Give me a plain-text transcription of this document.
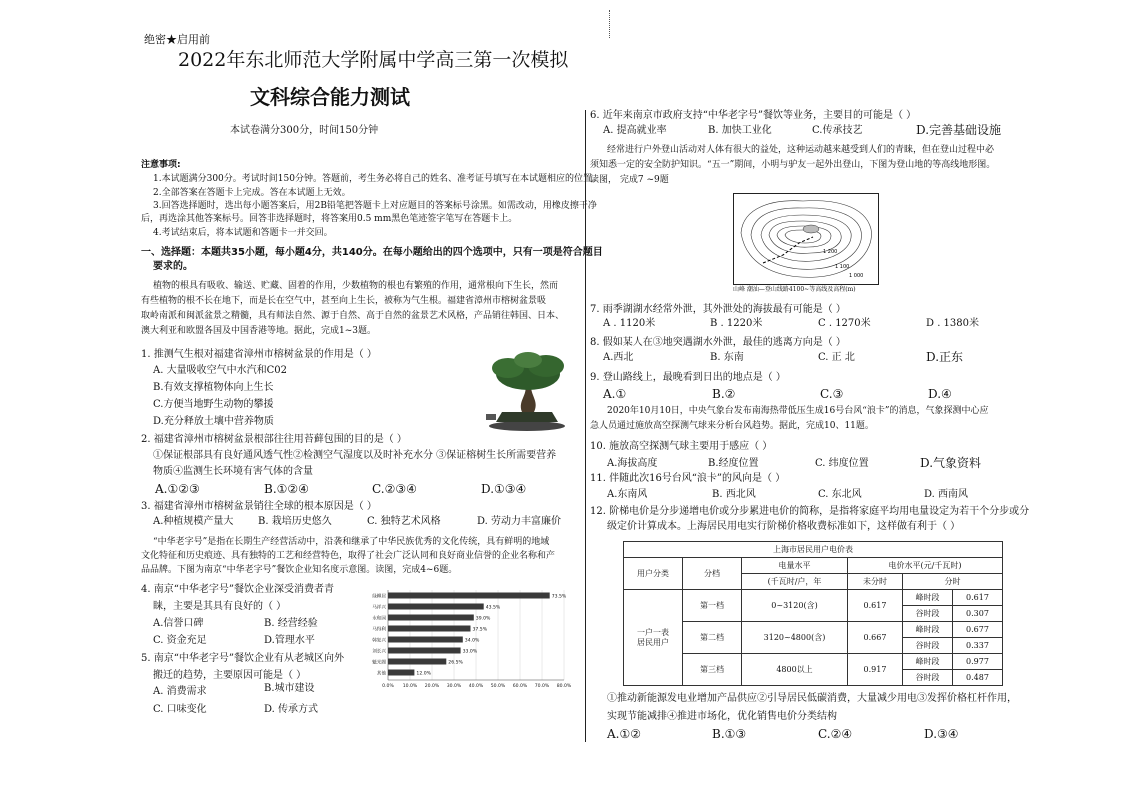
绝密★启用前
2022年东北师范大学附属中学高三第一次模拟
文科综合能力测试
本试卷满分300分，时间150分钟
注意事项:
1.本试题满分300分。考试时间150分钟。答题前，考生务必将自己的姓名、准考证号填写在本试题相应的位置。
2.全部答案在答题卡上完成。答在本试题上无效。
3.回答选择题时，选出每小题答案后，用2B铅笔把答题卡上对应题目的答案标号涂黑。如需改动，用橡皮擦干净
后，再选涂其他答案标号。回答非选择题时，将答案用0.5 mm黑色笔迹签字笔写在答题卡上。
4.考试结束后，将本试题和答题卡一并交回。
一、选择题：本题共35小题，每小题4分，共140分。在每小题给出的四个选项中，只有一项是符合题目
要求的。
植物的根具有吸收、输送、贮藏、固着的作用，少数植物的根也有繁殖的作用，通常根向下生长，然而
有些植物的根不长在地下，而是长在空气中，甚至向上生长，被称为气生根。福建省漳州市榕树盆景吸
取岭南派和闽派盆景之精髓，具有师法自然、源于自然、高于自然的盆景艺术风格，产品销往韩国、日本、
澳大利亚和欧盟各国及中国香港等地。据此，完成1~3题。
1. 推测气生根对福建省漳州市榕树盆景的作用是（ ）
A. 大量吸收空气中水汽和C02
B.有效支撑植物体向上生长
C.方便当地野生动物的攀援
D.充分释放土壤中营养物质
2. 福建省漳州市榕树盆景根部往往用苔藓包围的目的是（ ）
①保证根部具有良好通风透气性②检测空气湿度以及时补充水分 ③保证榕树生长所需要营养
物质④监测生长环境有害气体的含量
A.①②③	B.①②④	C.②③④	D.①③④
3. 福建省漳州市榕树盆景销往全球的根本原因是（ ）
A.种植规模产量大 B. 栽培历史悠久	C. 独特艺术风格	D. 劳动力丰富廉价
“中华老字号”是指在长期生产经营活动中，沿袭和继承了中华民族优秀的文化传统，具有鲜明的地域
文化特征和历史痕迹、具有独特的工艺和经营特色，取得了社会广泛认同和良好商业信誉的企业名称和产
品品牌。下图为南京“中华老字号”餐饮企业知名度示意图。读图，完成4~6题。
4. 南京“中华老字号”餐饮企业深受消费者青
睐，主要是其具有良好的（ ）
A.信誉口碑	B. 经营经验
C. 资金充足	D.管理水平
5. 南京“中华老字号”餐饮企业有从老城区向外
搬迁的趋势，主要原因可能是（ ）
A. 消费需求	B.城市建设
C. 口味变化	D. 传承方式
0.0% 10.0% 20.0% 30.0% 40.0% 50.0% 60.0% 70.0% 80.0%
绿柳居	73.5%
马祥兴	43.5%
永和园	39.0%
马得利	37.5%
韩复兴	34.0%
刘长兴	33.0%
魁光阁	26.5%
其他	12.0%
6. 近年来南京市政府支持“中华老字号”餐饮等业务，主要目的可能是（ ）
A. 提高就业率	B. 加快工业化	C.传承技艺	D.完善基础设施
经常进行户外登山活动对人体有很大的益处，这种运动越来越受到人们的青睐，但在登山过程中必
须知悉一定的安全防护知识。“五一”期间，小明与驴友一起外出登山，下图为登山地的等高线地形图。
读图， 完成7 ~9题
1 200
1 100
1 000
山峰 潮汕—登山线路4100~等高线及高程(m)
7. 雨季湖湖水经常外泄，其外泄处的海拔最有可能是（ ）
A . 1120米	B . 1220米	C . 1270米	D . 1380米
8. 假如某人在③地突遇湖水外泄，最佳的逃离方向是（ ）
A.西北	B. 东南	C. 正 北	D.正东
9. 登山路线上，最晚看到日出的地点是（ ）
A.①	B.②	C.③	D.④
2020年10月10日，中央气象台发布南海热带低压生成16号台风“浪卡”的消息，气象探测中心应
急人员通过施放高空探测气球来分析台风趋势。据此，完成10、11题。
10. 施放高空探测气球主要用于感应（ ）
A.海拔高度	B.经度位置	C. 纬度位置	D.气象资料
11. 伴随此次16号台风“浪卡”的风向是（ ）
A.东南风	B. 西北风	C. 东北风	D. 西南风
12. 阶梯电价是分步递增电价或分步累进电价的简称，是指将家庭平均用电量设定为若干个分步或分
级定价计算成本。上海居民用电实行阶梯价格收费标准如下，这样做有利于（ ）
上海市居民用户电价表					
用户分类	分档	电量水平	电价水平(元/千瓦时)		
		(千瓦时/户，年	未分时	分时	
一户一表
居民用户	第一档	0~3120(含)	0.617	峰时段	0.617
				谷时段	0.307
	第二档	3120~4800(含)	0.667	峰时段	0.677
				谷时段	0.337
	第三档	4800以上	0.917	峰时段	0.977
				谷时段	0.487
①推动新能源发电业增加产品供应②引导居民低碳消费，大量减少用电③发挥价格杠杆作用，
实现节能减排④推进市场化，优化销售电价分类结构
A.①②	B.①③	C.②④	D.③④
